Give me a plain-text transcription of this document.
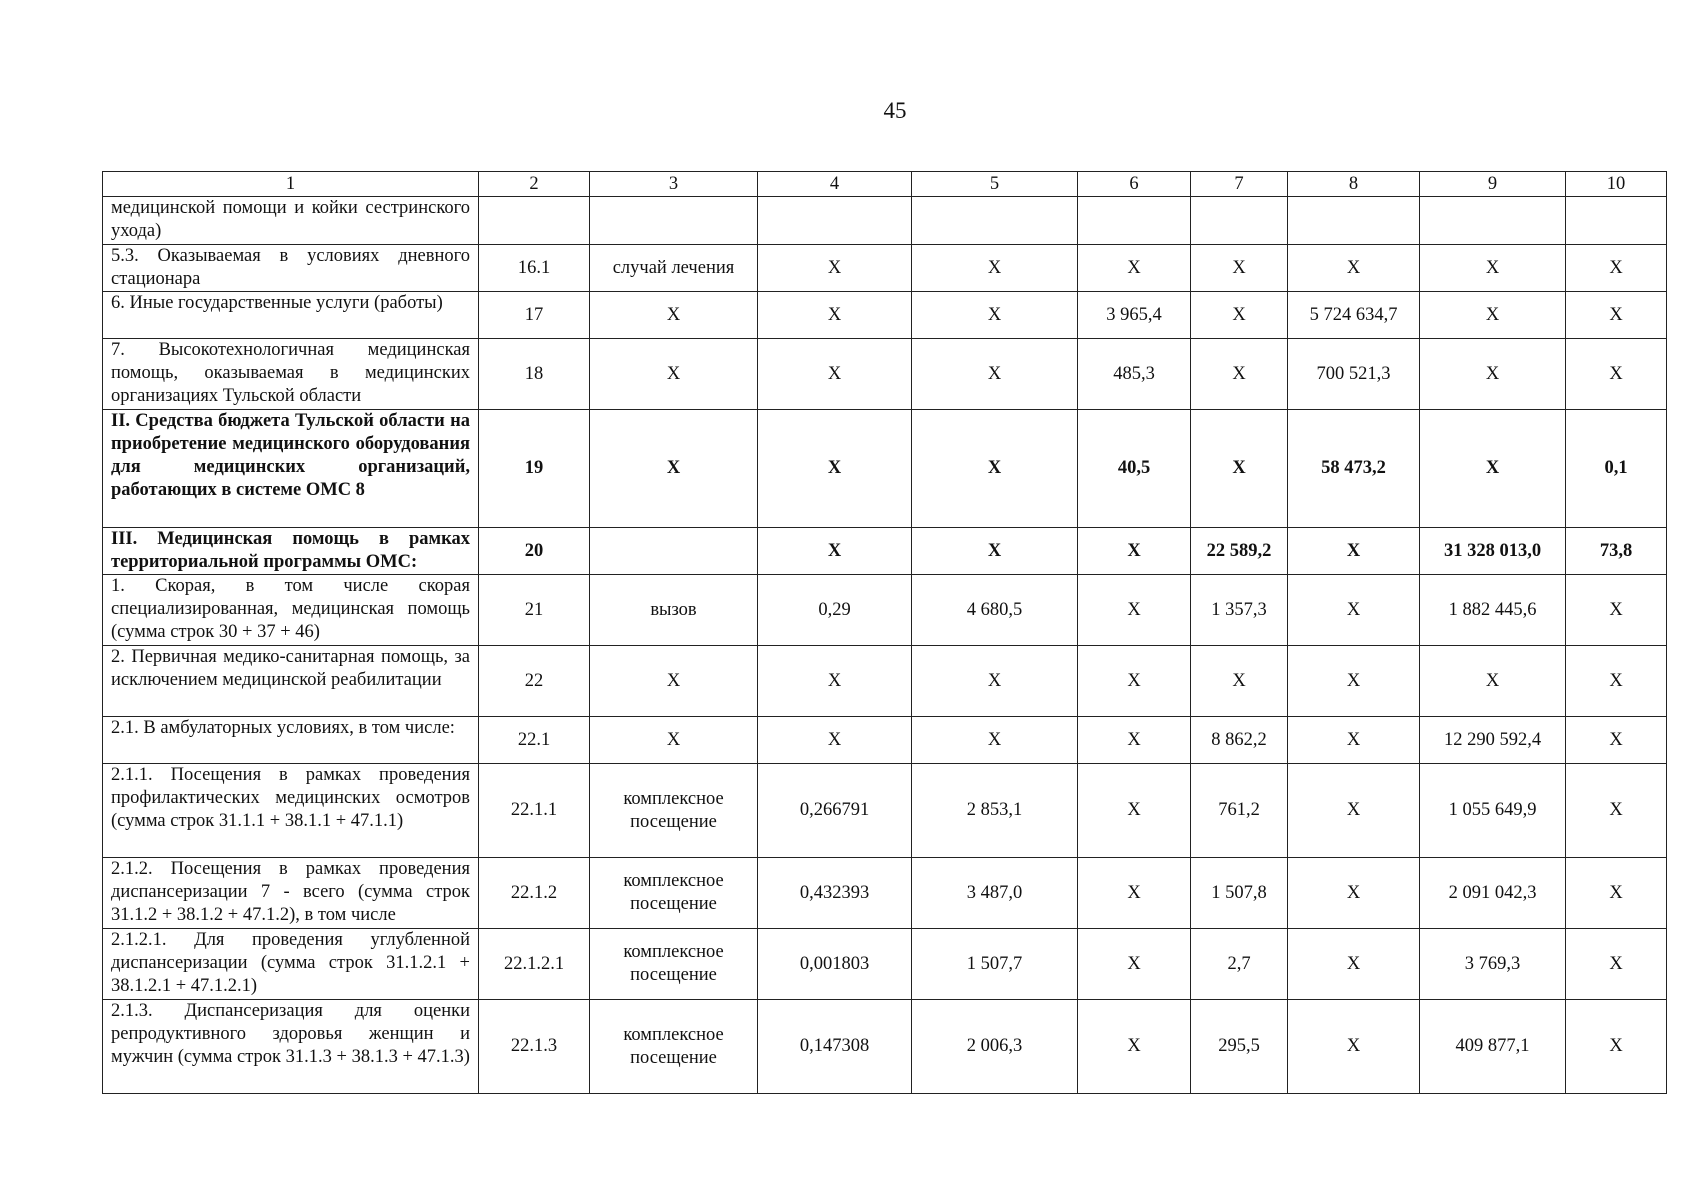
45
1	2	3	4	5	6	7	8	9	10
медицинской помощи и койки сестринского ухода)									
5.3. Оказываемая в условиях дневного стационара	16.1	случай лечения	Х	Х	Х	Х	Х	Х	Х
6. Иные государственные услуги (работы)	17	Х	Х	Х	3 965,4	Х	5 724 634,7	Х	Х
7. Высокотехнологичная медицинская помощь, оказываемая в медицинских организациях Тульской области	18	Х	Х	Х	485,3	Х	700 521,3	Х	Х
II. Средства бюджета Тульской области на приобретение медицинского оборудования для медицинских организаций, работающих в системе ОМС 8	19	Х	Х	Х	40,5	Х	58 473,2	Х	0,1
III. Медицинская помощь в рамках территориальной программы ОМС:	20		Х	Х	Х	22 589,2	Х	31 328 013,0	73,8
1. Скорая, в том числе скорая специализированная, медицинская помощь (сумма строк 30 + 37 + 46)	21	вызов	0,29	4 680,5	Х	1 357,3	Х	1 882 445,6	Х
2. Первичная медико-санитарная помощь, за исключением медицинской реабилитации	22	Х	Х	Х	Х	Х	Х	Х	Х
2.1. В амбулаторных условиях, в том числе:	22.1	Х	Х	Х	Х	8 862,2	Х	12 290 592,4	Х
2.1.1. Посещения в рамках проведения профилактических медицинских осмотров (сумма строк 31.1.1 + 38.1.1 + 47.1.1)	22.1.1	комплексное посещение	0,266791	2 853,1	Х	761,2	Х	1 055 649,9	Х
2.1.2. Посещения в рамках проведения диспансеризации 7 - всего (сумма строк 31.1.2 + 38.1.2 + 47.1.2), в том числе	22.1.2	комплексное посещение	0,432393	3 487,0	Х	1 507,8	Х	2 091 042,3	Х
2.1.2.1. Для проведения углубленной диспансеризации (сумма строк 31.1.2.1 + 38.1.2.1 + 47.1.2.1)	22.1.2.1	комплексное посещение	0,001803	1 507,7	Х	2,7	Х	3 769,3	Х
2.1.3. Диспансеризация для оценки репродуктивного здоровья женщин и мужчин (сумма строк 31.1.3 + 38.1.3 + 47.1.3)	22.1.3	комплексное посещение	0,147308	2 006,3	Х	295,5	Х	409 877,1	Х
